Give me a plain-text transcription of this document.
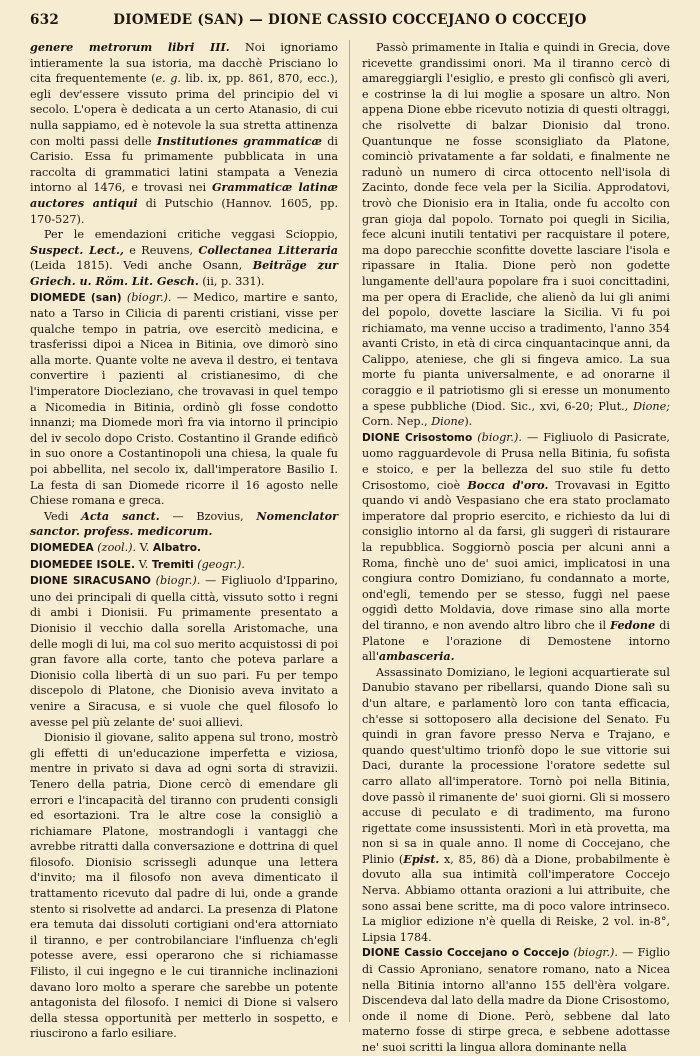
632	DIOMEDE (SAN) — DIONE CASSIO COCCEJANO O COCCEJO

genere metrorum libri III. Noi ignoriamo intieramente la sua istoria, ma dacchè Prisciano lo cita frequentemente (e. g. lib. ix, pp. 861, 870, ecc.), egli dev'essere vissuto prima del principio del vi secolo. L'opera è dedicata a un certo Atanasio, di cui nulla sappiamo, ed è notevole la sua stretta attinenza con molti passi delle Institutiones grammaticæ di Carisio. Essa fu primamente pubblicata in una raccolta di grammatici latini stampata a Venezia intorno al 1476, e trovasi nei Grammaticæ latinæ auctores antiqui di Putschio (Hannov. 1605, pp. 170-527).

Per le emendazioni critiche veggasi Scioppio, Suspect. Lect., e Reuvens, Collectanea Litteraria (Leida 1815). Vedi anche Osann, Beiträge zur Griech. u. Röm. Lit. Gesch. (ii, p. 331).

DIOMEDE (san) (biogr.). — Medico, martire e santo, nato a Tarso in Cilicia di parenti cristiani, visse per qualche tempo in patria, ove esercitò medicina, e trasferissi dipoi a Nicea in Bitinia, ove dimorò sino alla morte. Quante volte ne aveva il destro, ei tentava convertire i pazienti al cristianesimo, di che l'imperatore Diocleziano, che trovavasi in quel tempo a Nicomedia in Bitinia, ordinò gli fosse condotto innanzi; ma Diomede morì fra via intorno il principio del iv secolo dopo Cristo. Costantino il Grande edificò in suo onore a Costantinopoli una chiesa, la quale fu poi abbellita, nel secolo ix, dall'imperatore Basilio I. La festa di san Diomede ricorre il 16 agosto nelle Chiese romana e greca.

Vedi Acta sanct. — Bzovius, Nomenclator sanctor. profess. medicorum.

DIOMEDEA (zool.). V. Albatro.

DIOMEDEE ISOLE. V. Tremiti (geogr.).

DIONE SIRACUSANO (biogr.). — Figliuolo d'Ipparino, uno dei principali di quella città, vissuto sotto i regni di ambi i Dionisii. Fu primamente presentato a Dionisio il vecchio dalla sorella Aristomache, una delle mogli di lui, ma col suo merito acquistossi di poi gran favore alla corte, tanto che poteva parlare a Dionisio colla libertà di un suo pari. Fu per tempo discepolo di Platone, che Dionisio aveva invitato a venire a Siracusa, e si vuole che quel filosofo lo avesse pel più zelante de' suoi allievi.

Dionisio il giovane, salito appena sul trono, mostrò gli effetti di un'educazione imperfetta e viziosa, mentre in privato si dava ad ogni sorta di stravizii. Tenero della patria, Dione cercò di emendare gli errori e l'incapacità del tiranno con prudenti consigli ed esortazioni. Tra le altre cose la consigliò a richiamare Platone, mostrandogli i vantaggi che avrebbe ritratti dalla conversazione e dottrina di quel filosofo. Dionisio scrissegli adunque una lettera d'invito; ma il filosofo non aveva dimenticato il trattamento ricevuto dal padre di lui, onde a grande stento si risolvette ad andarci. La presenza di Platone era temuta dai dissoluti cortigiani ond'era attorniato il tiranno, e per controbilanciare l'influenza ch'egli potesse avere, essi operarono che si richiamasse Filisto, il cui ingegno e le cui tiranniche inclinazioni davano loro molto a sperare che sarebbe un potente antagonista del filosofo. I nemici di Dione si valsero della stessa opportunità per metterlo in sospetto, e riuscirono a farlo esiliare.

Passò primamente in Italia e quindi in Grecia, dove ricevette grandissimi onori. Ma il tiranno cercò di amareggiargli l'esiglio, e presto gli confiscò gli averi, e costrinse la di lui moglie a sposare un altro. Non appena Dione ebbe ricevuto notizia di questi oltraggi, che risolvette di balzar Dionisio dal trono. Quantunque ne fosse sconsigliato da Platone, cominciò privatamente a far soldati, e finalmente ne radunò un numero di circa ottocento nell'isola di Zacinto, donde fece vela per la Sicilia. Approdatovi, trovò che Dionisio era in Italia, onde fu accolto con gran gioja dal popolo. Tornato poi quegli in Sicilia, fece alcuni inutili tentativi per racquistare il potere, ma dopo parecchie sconfitte dovette lasciare l'isola e ripassare in Italia. Dione però non godette lungamente dell'aura popolare fra i suoi concittadini, ma per opera di Eraclide, che alienò da lui gli animi del popolo, dovette lasciare la Sicilia. Vi fu poi richiamato, ma venne ucciso a tradimento, l'anno 354 avanti Cristo, in età di circa cinquantacinque anni, da Calippo, ateniese, che gli si fingeva amico. La sua morte fu pianta universalmente, e ad onorarne il coraggio e il patriotismo gli si eresse un monumento a spese pubbliche (Diod. Sic., xvi, 6-20; Plut., Dione; Corn. Nep., Dione).

DIONE Crisostomo (biogr.). — Figliuolo di Pasicrate, uomo ragguardevole di Prusa nella Bitinia, fu sofista e stoico, e per la bellezza del suo stile fu detto Crisostomo, cioè Bocca d'oro. Trovavasi in Egitto quando vi andò Vespasiano che era stato proclamato imperatore dal proprio esercito, e richiesto da lui di consiglio intorno al da farsi, gli suggerì di ristaurare la repubblica. Soggiornò poscia per alcuni anni a Roma, finchè uno de' suoi amici, implicatosi in una congiura contro Domiziano, fu condannato a morte, ond'egli, temendo per se stesso, fuggì nel paese oggidì detto Moldavia, dove rimase sino alla morte del tiranno, e non avendo altro libro che il Fedone di Platone e l'orazione di Demostene intorno all'ambasceria.

Assassinato Domiziano, le legioni acquartierate sul Danubio stavano per ribellarsi, quando Dione salì su d'un altare, e parlamentò loro con tanta efficacia, ch'esse si sottoposero alla decisione del Senato. Fu quindi in gran favore presso Nerva e Trajano, e quando quest'ultimo trionfò dopo le sue vittorie sui Daci, durante la processione l'oratore sedette sul carro allato all'imperatore. Tornò poi nella Bitinia, dove passò il rimanente de' suoi giorni. Gli si mossero accuse di peculato e di tradimento, ma furono rigettate come insussistenti. Morì in età provetta, ma non si sa in quale anno. Il nome di Coccejano, che Plinio (Epist. x, 85, 86) dà a Dione, probabilmente è dovuto alla sua intimità coll'imperatore Coccejo Nerva. Abbiamo ottanta orazioni a lui attribuite, che sono assai bene scritte, ma di poco valore intrinseco. La miglior edizione n'è quella di Reiske, 2 vol. in-8°, Lipsia 1784.

DIONE Cassio Coccejano o Coccejo (biogr.). — Figlio di Cassio Aproniano, senatore romano, nato a Nicea nella Bitinia intorno all'anno 155 dell'èra volgare. Discendeva dal lato della madre da Dione Crisostomo, onde il nome di Dione. Però, sebbene dal lato materno fosse di stirpe greca, e sebbene adottasse ne' suoi scritti la lingua allora dominante nella
